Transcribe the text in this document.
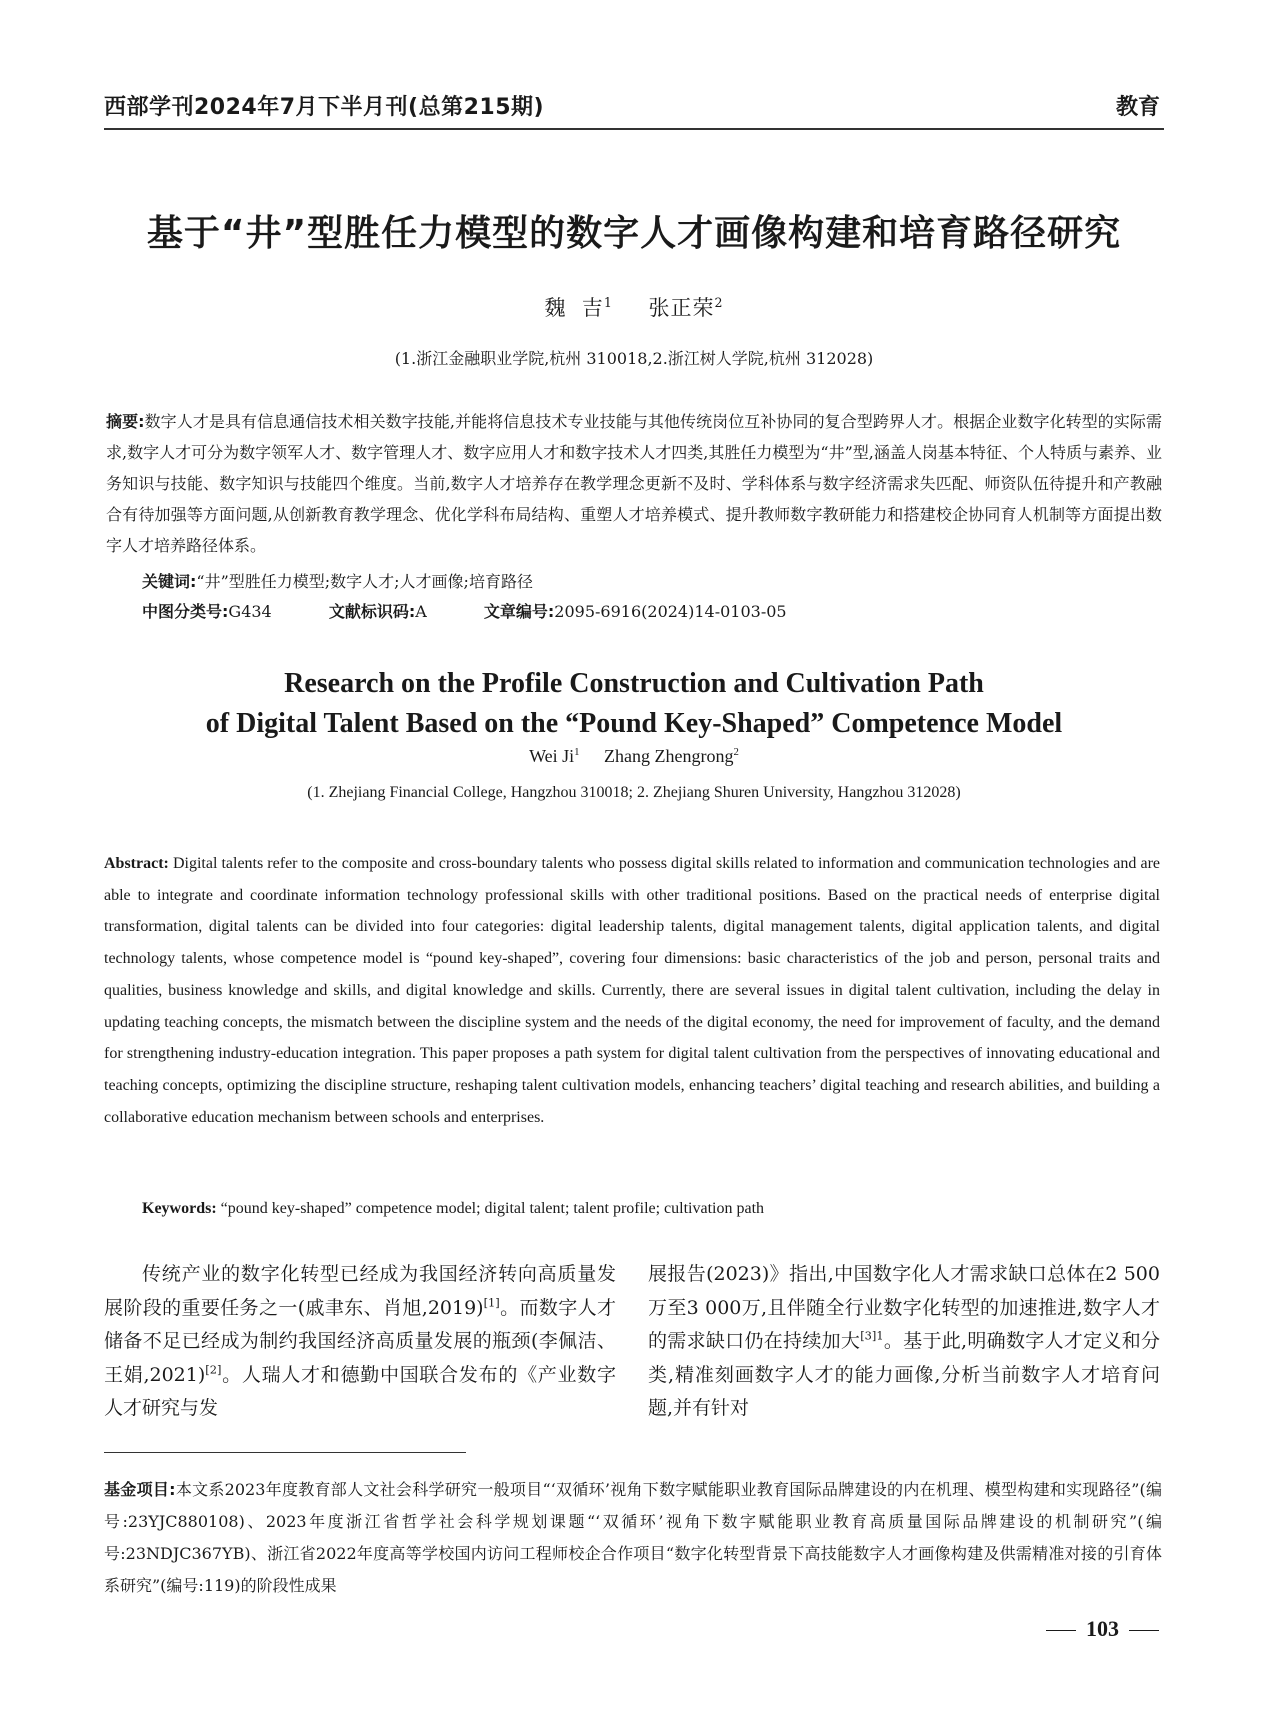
西部学刊2024年7月下半月刊(总第215期)	教育
基于“井”型胜任力模型的数字人才画像构建和培育路径研究
魏  吉$^1$ 张正荣$^2$
(1.浙江金融职业学院,杭州 310018,2.浙江树人学院,杭州 312028)
摘要:数字人才是具有信息通信技术相关数字技能,并能将信息技术专业技能与其他传统岗位互补协同的复合型跨界人才。根据企业数字化转型的实际需求,数字人才可分为数字领军人才、数字管理人才、数字应用人才和数字技术人才四类,其胜任力模型为“井”型,涵盖人岗基本特征、个人特质与素养、业务知识与技能、数字知识与技能四个维度。当前,数字人才培养存在教学理念更新不及时、学科体系与数字经济需求失匹配、师资队伍待提升和产教融合有待加强等方面问题,从创新教育教学理念、优化学科布局结构、重塑人才培养模式、提升教师数字教研能力和搭建校企协同育人机制等方面提出数字人才培养路径体系。
关键词:“井”型胜任力模型;数字人才;人才画像;培育路径
中图分类号:G434	文献标识码:A	文章编号:2095-6916(2024)14-0103-05
Research on the Profile Construction and Cultivation Path
of Digital Talent Based on the “Pound Key-Shaped” Competence Model
Wei Ji$^1$ Zhang Zhengrong$^2$
(1. Zhejiang Financial College, Hangzhou 310018; 2. Zhejiang Shuren University, Hangzhou 312028)
Abstract: Digital talents refer to the composite and cross-boundary talents who possess digital skills related to information and communication technologies and are able to integrate and coordinate information technology professional skills with other traditional positions. Based on the practical needs of enterprise digital transformation, digital talents can be divided into four categories: digital leadership talents, digital management talents, digital application talents, and digital technology talents, whose competence model is “pound key-shaped”, covering four dimensions: basic characteristics of the job and person, personal traits and qualities, business knowledge and skills, and digital knowledge and skills. Currently, there are several issues in digital talent cultivation, including the delay in updating teaching concepts, the mismatch between the discipline system and the needs of the digital economy, the need for improvement of faculty, and the demand for strengthening industry-education integration. This paper proposes a path system for digital talent cultivation from the perspectives of innovating educational and teaching concepts, optimizing the discipline structure, reshaping talent cultivation models, enhancing teachers’ digital teaching and research abilities, and building a collaborative education mechanism between schools and enterprises.
Keywords: “pound key-shaped” competence model; digital talent; talent profile; cultivation path

传统产业的数字化转型已经成为我国经济转向高质量发展阶段的重要任务之一(戚聿东、肖旭,2019)[1]。而数字人才储备不足已经成为制约我国经济高质量发展的瓶颈(李佩洁、王娟,2021)[2]。人瑞人才和德勤中国联合发布的《产业数字人才研究与发

展报告(2023)》指出,中国数字化人才需求缺口总体在2 500万至3 000万,且伴随全行业数字化转型的加速推进,数字人才的需求缺口仍在持续加大$^{[3]1}$。基于此,明确数字人才定义和分类,精准刻画数字人才的能力画像,分析当前数字人才培育问题,并有针对

基金项目:本文系2023年度教育部人文社会科学研究一般项目“‘双循环’视角下数字赋能职业教育国际品牌建设的内在机理、模型构建和实现路径”(编号:23YJC880108)、2023年度浙江省哲学社会科学规划课题“‘双循环’视角下数字赋能职业教育高质量国际品牌建设的机制研究”(编号:23NDJC367YB)、浙江省2022年度高等学校国内访问工程师校企合作项目“数字化转型背景下高技能数字人才画像构建及供需精准对接的引育体系研究”(编号:119)的阶段性成果
103
